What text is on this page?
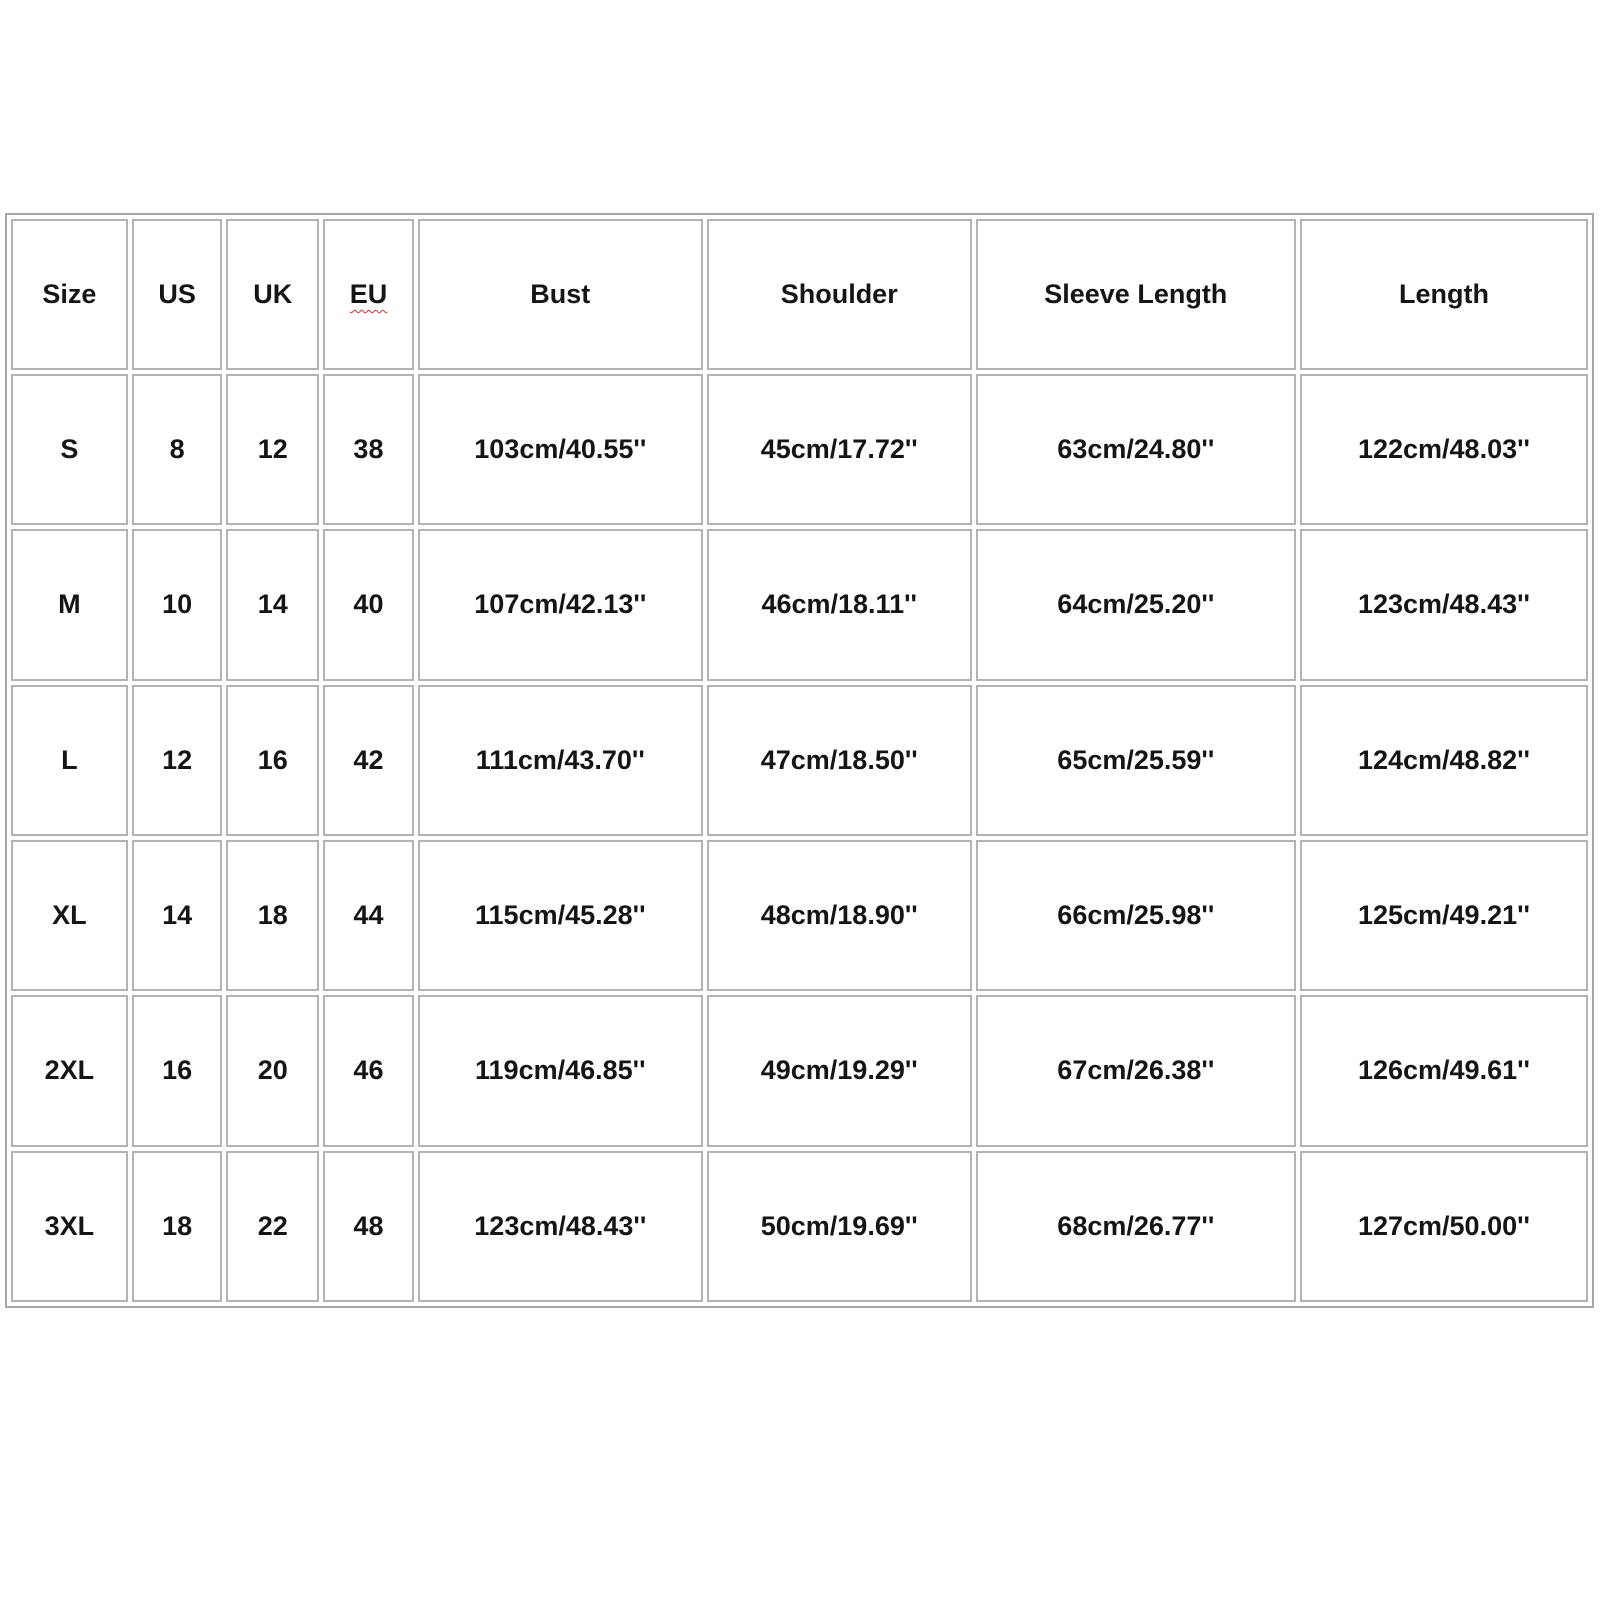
Size	US	UK	EU	Bust	Shoulder	Sleeve Length	Length
S	8	12	38	103cm/40.55''	45cm/17.72''	63cm/24.80''	122cm/48.03''
M	10	14	40	107cm/42.13''	46cm/18.11''	64cm/25.20''	123cm/48.43''
L	12	16	42	111cm/43.70''	47cm/18.50''	65cm/25.59''	124cm/48.82''
XL	14	18	44	115cm/45.28''	48cm/18.90''	66cm/25.98''	125cm/49.21''
2XL	16	20	46	119cm/46.85''	49cm/19.29''	67cm/26.38''	126cm/49.61''
3XL	18	22	48	123cm/48.43''	50cm/19.69''	68cm/26.77''	127cm/50.00''
